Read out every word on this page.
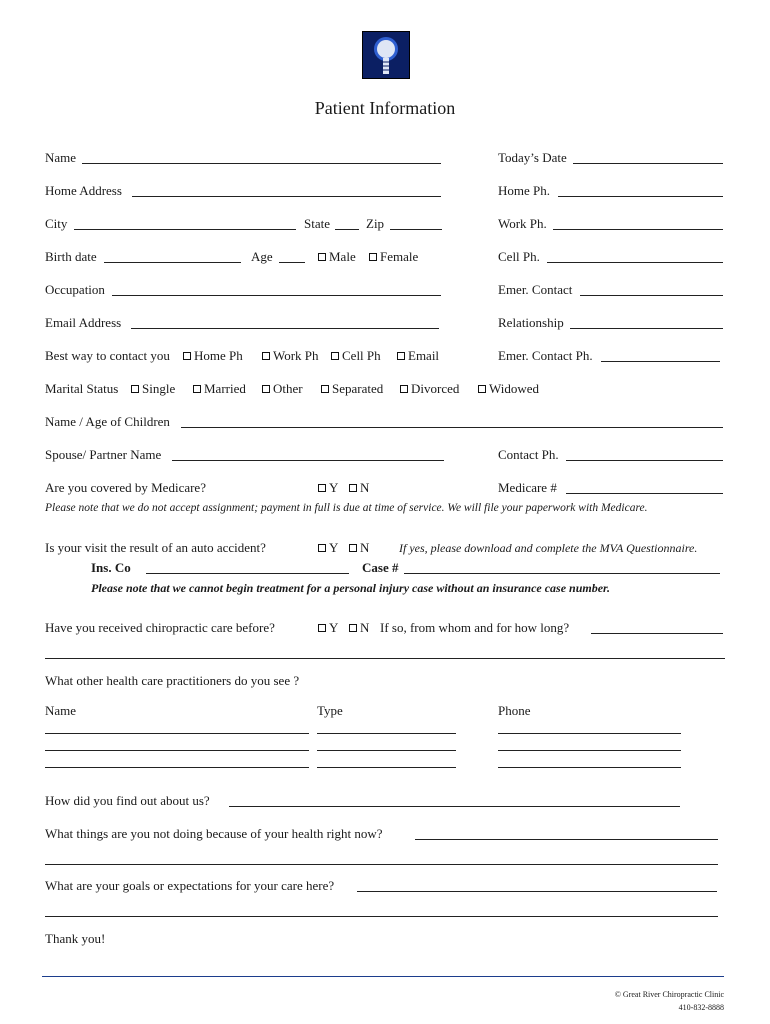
Patient Information
Name	Today’s Date
Home Address	Home Ph.
City	State	Zip	Work Ph.
Birth date	Age	Male	Female	Cell Ph.
Occupation	Emer. Contact
Email Address	Relationship
Best way to contact you	Home Ph	Work Ph	Cell Ph	Email	Emer. Contact Ph.
Marital Status	Single	Married	Other	Separated	Divorced	Widowed
Name / Age of Children
Spouse/ Partner Name	Contact Ph.
Are you covered by Medicare?	Y	N	Medicare #
Please note that we do not accept assignment; payment in full is due at time of service. We will file your paperwork with Medicare.
Is your visit the result of an auto accident?	Y	N If yes, please download and complete the MVA Questionnaire.
Ins. Co	Case #
Please note that we cannot begin treatment for a personal injury case without an insurance case number.
Have you received chiropractic care before?	Y	N If so, from whom and for how long?
What other health care practitioners do you see ?
Name	Type	Phone
How did you find out about us?
What things are you not doing because of your health right now?
What are your goals or expectations for your care here?
Thank you!
© Great River Chiropractic Clinic
410-832-8888
